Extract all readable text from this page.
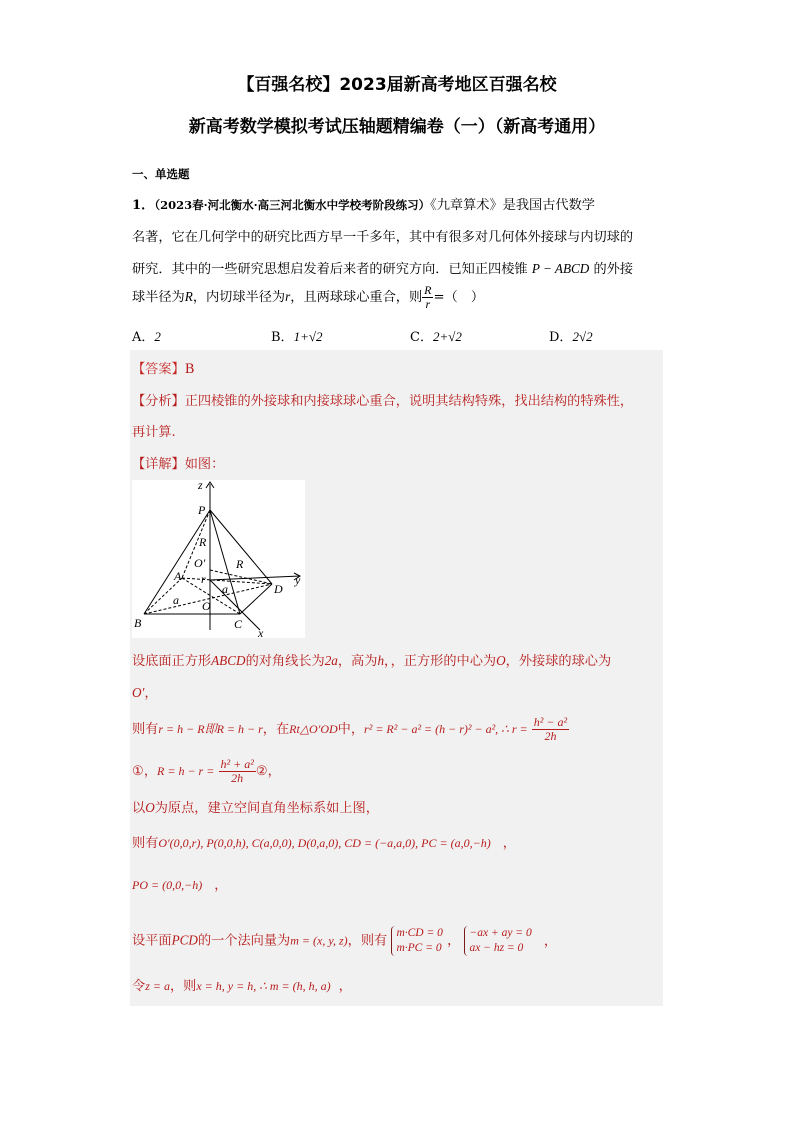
【百强名校】2023届新高考地区百强名校
新高考数学模拟考试压轴题精编卷（一）（新高考通用）
一、单选题
1．（2023春·河北衡水·高三河北衡水中学校考阶段练习）《九章算术》是我国古代数学
名著，它在几何学中的研究比西方早一千多年，其中有很多对几何体外接球与内切球的
研究．其中的一些研究思想启发着后来者的研究方向．已知正四棱锥 P − ABCD 的外接
球半径为R，内切球半径为r，且两球球心重合，则 $\frac{R}{r}$ =（　）
A．2	B．1+√2	C．2+√2	D．2√2
【答案】B
【分析】正四棱锥的外接球和内接球球心重合，说明其结构特殊，找出结构的特殊性，
再计算.
【详解】如图：
z
y
x
P
R
R
O′
A r
a
a
O
B	C
D
设底面正方形ABCD的对角线长为2a，高为h，，正方形的中心为O，外接球的球心为
O′，
则有r = h − R即R = h − r，在Rt△O′OD中，r² = R² − a² = (h − r)² − a², ∴ $r = \frac{\text{h² − a²}}{2h}$
①，$R = h - r = \frac{\text{h² + a²}}{2h}$ ②，
以O为原点，建立空间直角坐标系如上图，
则有O′(0,0,r), P(0,0,h), C(a,0,0), D(0,a,0), CD = (−a,a,0), PC = (a,0,−h) ，
PO = (0,0,−h) ，
设平面PCD的一个法向量为m = (x, y, z)，则有
m·CD = 0
m·PC = 0 ，
−ax + ay = 0
ax − hz = 0	，
令z = a，则x = h, y = h, ∴ m = (h, h, a) ，
